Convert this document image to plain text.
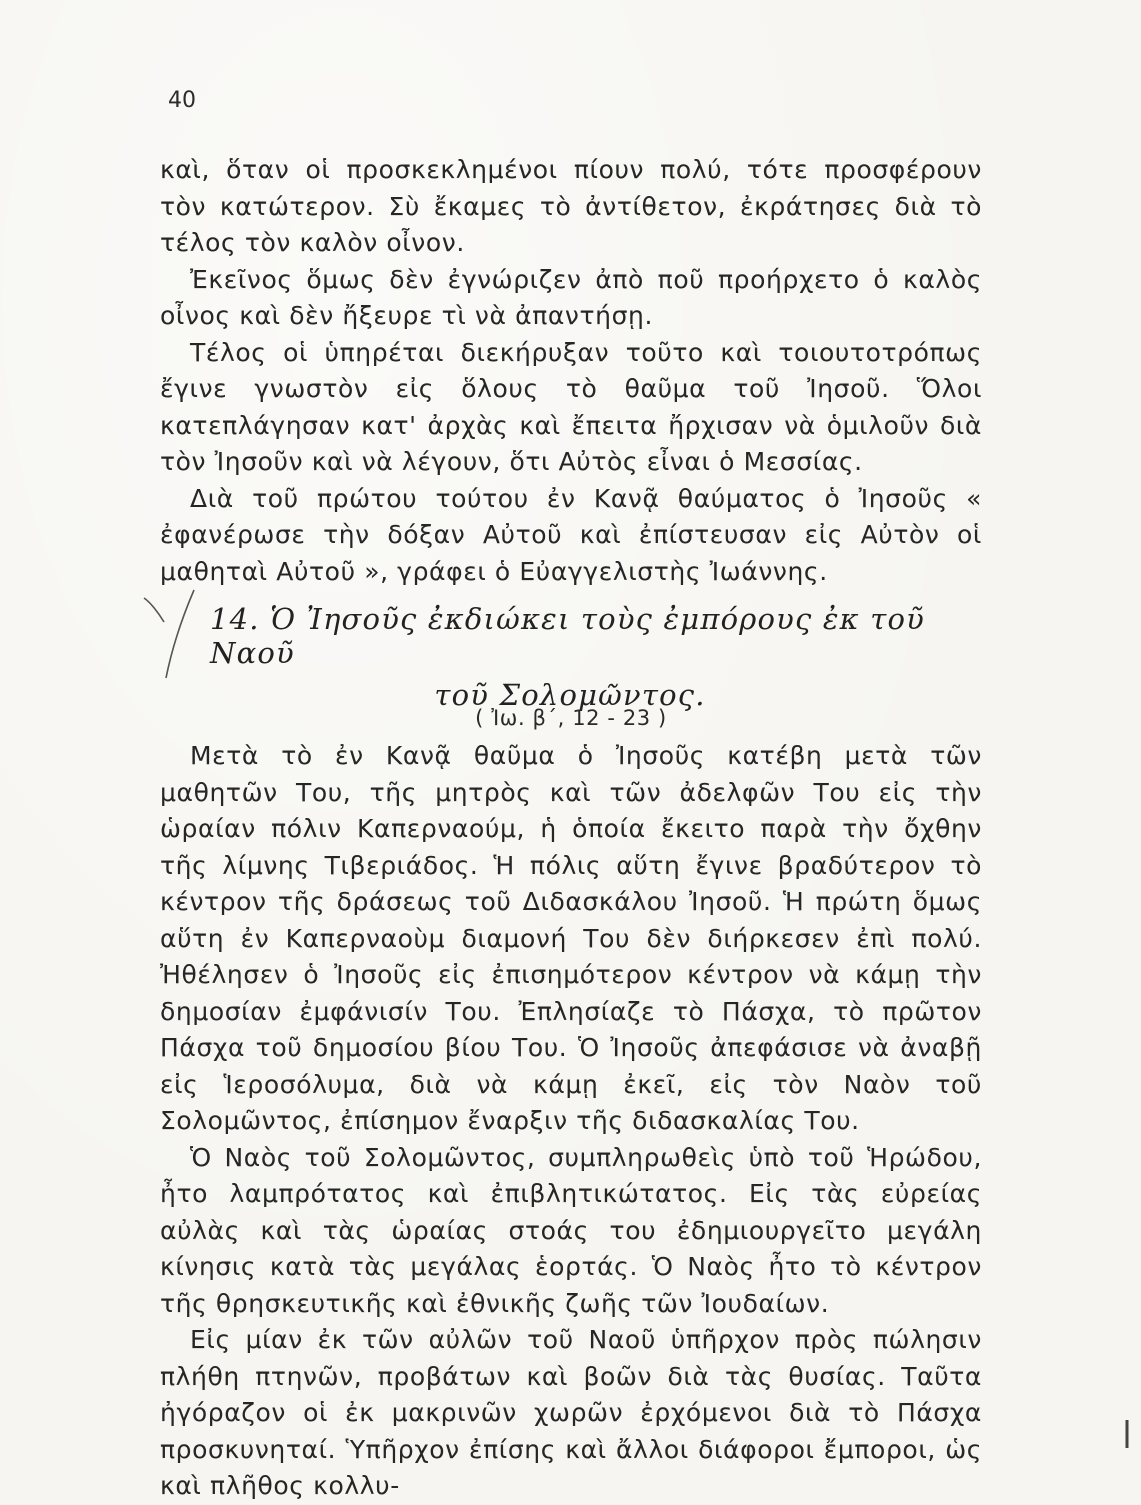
40

καὶ, ὅταν οἱ προσκεκλημένοι πίουν πολύ, τότε προσφέρουν τὸν κατώτερον. Σὺ ἔκαμες τὸ ἀντίθετον, ἐκράτησες διὰ τὸ τέλος τὸν καλὸν οἶνον.

Ἐκεῖνος ὅμως δὲν ἐγνώριζεν ἀπὸ ποῦ προήρχετο ὁ καλὸς οἶνος καὶ δὲν ἤξευρε τὶ νὰ ἀπαντήσῃ.

Τέλος οἱ ὑπηρέται διεκήρυξαν τοῦτο καὶ τοιουτοτρόπως ἔγινε γνωστὸν εἰς ὅλους τὸ θαῦμα τοῦ Ἰησοῦ. Ὅλοι κατεπλάγησαν κατ' ἀρχὰς καὶ ἔπειτα ἤρχισαν νὰ ὁμιλοῦν διὰ τὸν Ἰησοῦν καὶ νὰ λέγουν, ὅτι Αὐτὸς εἶναι ὁ Μεσσίας.

Διὰ τοῦ πρώτου τούτου ἐν Κανᾷ θαύματος ὁ Ἰησοῦς « ἐφανέρωσε τὴν δόξαν Αὐτοῦ καὶ ἐπίστευσαν εἰς Αὐτὸν οἱ μαθηταὶ Αὐτοῦ », γράφει ὁ Εὐαγγελιστὴς Ἰωάννης.

14. Ὁ Ἰησοῦς ἐκδιώκει τοὺς ἐμπόρους ἐκ τοῦ Ναοῦ
τοῦ Σολομῶντος.
( Ἰω. β΄, 12 - 23 )

Μετὰ τὸ ἐν Κανᾷ θαῦμα ὁ Ἰησοῦς κατέβη μετὰ τῶν μαθητῶν Του, τῆς μητρὸς καὶ τῶν ἀδελφῶν Του εἰς τὴν ὡραίαν πόλιν Καπερναούμ, ἡ ὁποία ἔκειτο παρὰ τὴν ὄχθην τῆς λίμνης Τιβεριάδος. Ἡ πόλις αὕτη ἔγινε βραδύτερον τὸ κέντρον τῆς δράσεως τοῦ Διδασκάλου Ἰησοῦ. Ἡ πρώτη ὅμως αὕτη ἐν Καπερναοὺμ διαμονή Του δὲν διήρκεσεν ἐπὶ πολύ. Ἠθέλησεν ὁ Ἰησοῦς εἰς ἐπισημότερον κέντρον νὰ κάμῃ τὴν δημοσίαν ἐμφάνισίν Του. Ἐπλησίαζε τὸ Πάσχα, τὸ πρῶτον Πάσχα τοῦ δημοσίου βίου Του. Ὁ Ἰησοῦς ἀπεφάσισε νὰ ἀναβῇ εἰς Ἱεροσόλυμα, διὰ νὰ κάμῃ ἐκεῖ, εἰς τὸν Ναὸν τοῦ Σολομῶντος, ἐπίσημον ἔναρξιν τῆς διδασκαλίας Του.

Ὁ Ναὸς τοῦ Σολομῶντος, συμπληρωθεὶς ὑπὸ τοῦ Ἡρώδου, ἦτο λαμπρότατος καὶ ἐπιβλητικώτατος. Εἰς τὰς εὐρείας αὐλὰς καὶ τὰς ὡραίας στοάς του ἐδημιουργεῖτο μεγάλη κίνησις κατὰ τὰς μεγάλας ἑορτάς. Ὁ Ναὸς ἦτο τὸ κέντρον τῆς θρησκευτικῆς καὶ ἐθνικῆς ζωῆς τῶν Ἰουδαίων.

Εἰς μίαν ἐκ τῶν αὐλῶν τοῦ Ναοῦ ὑπῆρχον πρὸς πώλησιν πλήθη πτηνῶν, προβάτων καὶ βοῶν διὰ τὰς θυσίας. Ταῦτα ἠγόραζον οἱ ἐκ μακρινῶν χωρῶν ἐρχόμενοι διὰ τὸ Πάσχα προσκυνηταί. Ὑπῆρχον ἐπίσης καὶ ἄλλοι διάφοροι ἔμποροι, ὡς καὶ πλῆθος κολλυ-
